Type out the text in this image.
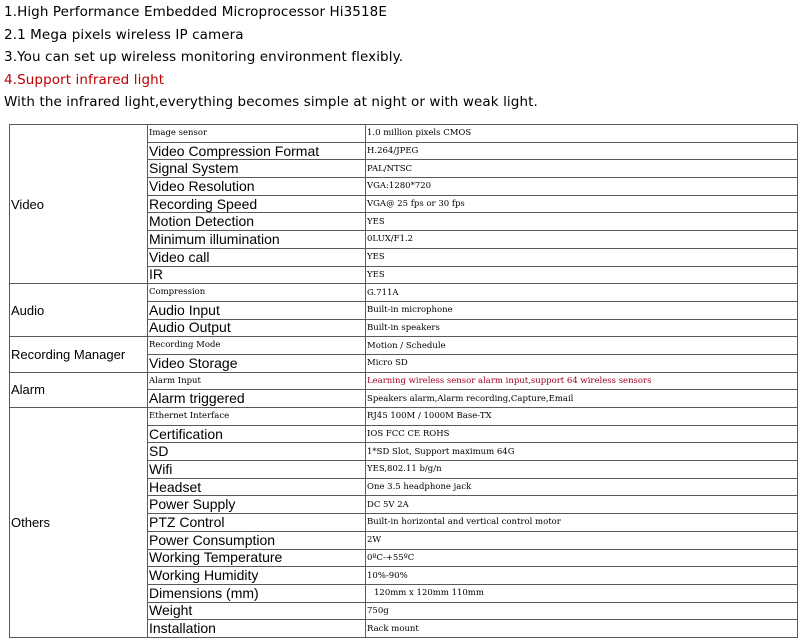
1.High Performance Embedded Microprocessor Hi3518E
2.1 Mega pixels wireless IP camera
3.You can set up wireless monitoring environment flexibly.
4.Support infrared light
With the infrared light,everything becomes simple at night or with weak light.
Video	Image sensor	1.0 million pixels CMOS
	Video Compression Format	H.264/JPEG
	Signal System	PAL/NTSC
	Video Resolution	VGA:1280*720
	Recording Speed	VGA@ 25 fps or 30 fps
	Motion Detection	YES
	Minimum illumination	0LUX/F1.2
	Video call	YES
	IR	YES
Audio	Compression	G.711A
	Audio Input	Built-in microphone
	Audio Output	Built-in speakers
Recording Manager	Recording Mode	Motion / Schedule
	Video Storage	Micro SD
Alarm	Alarm Input	Learning wireless sensor alarm input,support 64 wireless sensors
	Alarm triggered	Speakers alarm,Alarm recording,Capture,Email
Others	Ethernet Interface	RJ45 100M / 1000M Base-TX
	Certification	IOS FCC CE ROHS
	SD	1*SD Slot, Support maximum 64G
	Wifi	YES,802.11 b/g/n
	Headset	One 3.5 headphone jack
	Power Supply	DC 5V 2A
	PTZ Control	Built-in horizontal and vertical control motor
	Power Consumption	2W
	Working Temperature	0ºC-+55ºC
	Working Humidity	10%-90%
	Dimensions (mm)	120mm x 120mm 110mm
	Weight	750g
	Installation	Rack mount
